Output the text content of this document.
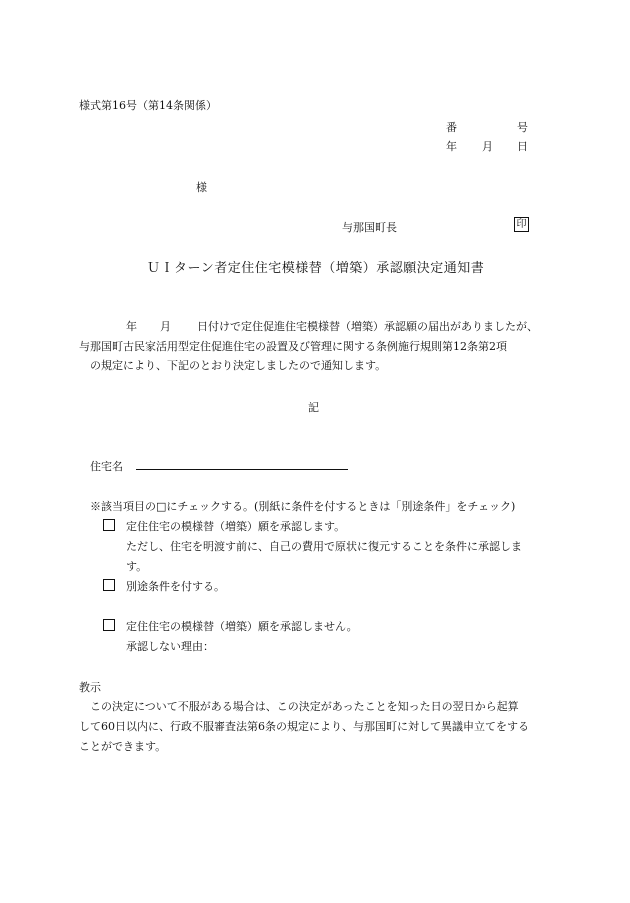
様式第16号（第14条関係）
番	号
年 月 日
様
与那国町長	印
ＵＩターン者定住住宅模様替（増築）承認願決定通知書
年 月 日付けで定住促進住宅模様替（増築）承認願の届出がありましたが、
与那国町古民家活用型定住促進住宅の設置及び管理に関する条例施行規則第12条第2項
の規定により、下記のとおり決定しましたので通知します。
記
住宅名
※該当項目の□にチェックする。(別紙に条件を付するときは「別途条件」をチェック)
定住住宅の模様替（増築）願を承認します。
ただし、住宅を明渡す前に、自己の費用で原状に復元することを条件に承認しま
す。
別途条件を付する。
定住住宅の模様替（増築）願を承認しません。
承認しない理由：
教示
この決定について不服がある場合は、この決定があったことを知った日の翌日から起算
して60日以内に、行政不服審査法第6条の規定により、与那国町に対して異議申立てをする
ことができます。
